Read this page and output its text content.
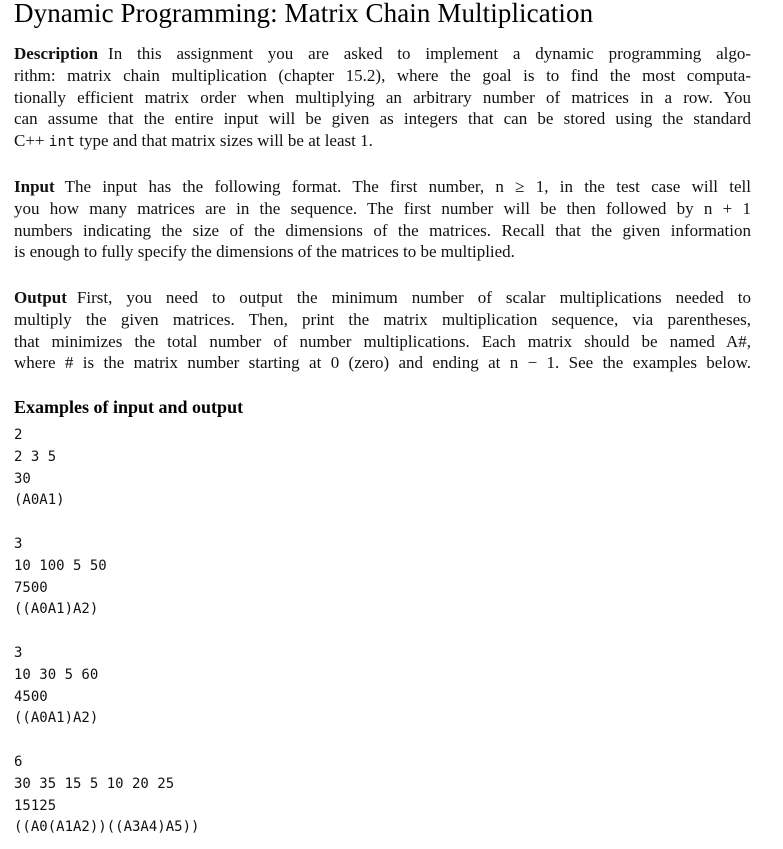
Dynamic Programming: Matrix Chain Multiplication
Description In this assignment you are asked to implement a dynamic programming algo-
rithm: matrix chain multiplication (chapter 15.2), where the goal is to find the most computa-
tionally efficient matrix order when multiplying an arbitrary number of matrices in a row. You
can assume that the entire input will be given as integers that can be stored using the standard
C++ int type and that matrix sizes will be at least 1.
Input The input has the following format. The first number, n ≥ 1, in the test case will tell
you how many matrices are in the sequence. The first number will be then followed by n + 1
numbers indicating the size of the dimensions of the matrices. Recall that the given information
is enough to fully specify the dimensions of the matrices to be multiplied.
Output First, you need to output the minimum number of scalar multiplications needed to
multiply the given matrices. Then, print the matrix multiplication sequence, via parentheses,
that minimizes the total number of number multiplications. Each matrix should be named A#,
where # is the matrix number starting at 0 (zero) and ending at n − 1. See the examples below.
Examples of input and output
2
2 3 5
30
(A0A1)
3
10 100 5 50
7500
((A0A1)A2)
3
10 30 5 60
4500
((A0A1)A2)
6
30 35 15 5 10 20 25
15125
((A0(A1A2))((A3A4)A5))
